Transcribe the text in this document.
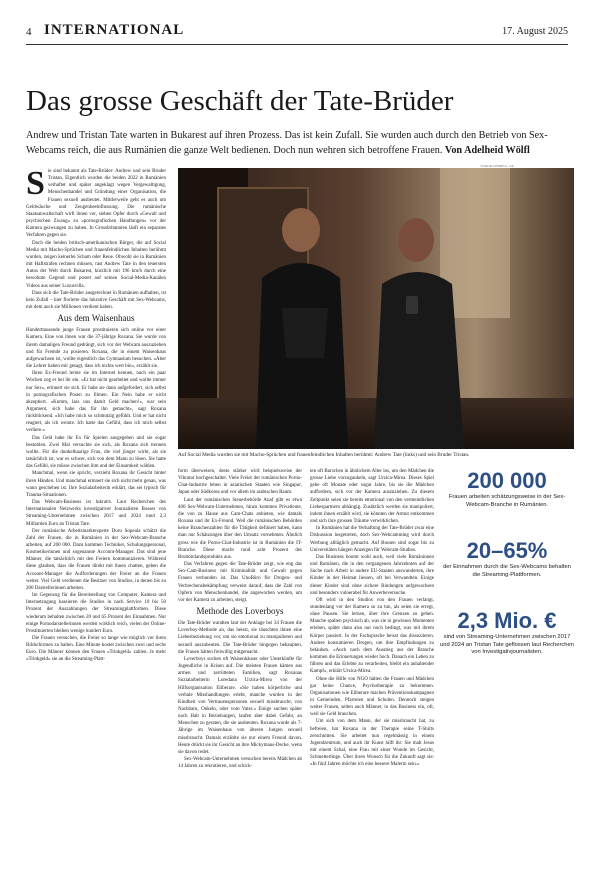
4 INTERNATIONAL	17. August 2025
Das grosse Geschäft der Tate-Brüder
Andrew und Tristan Tate warten in Bukarest auf ihren Prozess. Das ist kein Zufall. Sie wurden auch durch den Betrieb von Sex-Webcams reich, die aus Rumänien die ganze Welt bedienen. Doch nun wehren sich betroffene Frauen. Von Adelheid Wölfl
TODOR GEBREA / AP
S ie sind bekannt als Tate-Brüder: Andrew und sein Bruder Tristan. Eigentlich wurden die beiden 2022 in Rumänien verhaftet und später angeklagt wegen Vergewaltigung, Menschenhandel und Gründung einer Organisation, die Frauen sexuell ausbeutet. Mittlerweile geht es auch um Geldwäsche und Zeugenbeeinflussung. Die rumänische Staatsanwaltschaft wirft ihnen vor, sieben Opfer durch «Gewalt und psychischen Zwang» zu «pornografischen Handlungen» vor der Kamera gezwungen zu haben. In Grossbritannien läuft ein separates Verfahren gegen sie.

Doch die beiden britisch-amerikanischen Bürger, die auf Social Media mit Macho-Sprüchen und frauenfeindlichen Inhalten berühmt wurden, zeigen keinerlei Scham oder Reue. Obwohl sie in Rumänien mit Haftstrafen rechnen müssen, rast Andrew Tate in den teuersten Autos der Welt durch Bukarest, kürzlich mit 196 km/h durch eine bewohnte Gegend und postet auf seinen Social-Media-Kanälen Videos aus seiner Luxusvilla.

Dass sich die Tate-Brüder ausgerechnet in Rumänien aufhalten, ist kein Zufall – hier florierte das lukrative Geschäft mit Sex-Webcams, mit dem auch sie Millionen verdient haben.

Aus dem Waisenhaus

Hunderttausende junge Frauen prostituieren sich online vor einer Kamera. Eine von ihnen war die 37-jährige Roxana. Sie wurde von ihrem damaligen Freund gedrängt, sich vor der Webcam auszuziehen und für Fremde zu posieren. Roxana, die in einem Waisenhaus aufgewachsen ist, wollte eigentlich das Gymnasium besuchen. «Aber die Lehrer haben mir gesagt, dass ich nichts wert bin», erzählt sie.

Ihren Ex-Freund lernte sie im Internet kennen, nach ein paar Wochen zog er bei ihr ein. «Er hat nicht gearbeitet und wollte immer nur Sex», erinnert sie sich. Er habe sie dann aufgefordert, sich selbst in pornografischen Posen zu filmen. Ein Nein habe er nicht akzeptiert. «Komm, lass uns damit Geld machen!», war sein Argument, sich habe das für ihn gemacht», sagt Roxana rückblickend. «Ich habe mich so schmutzig gefühlt. Und er hat nicht reagiert, als ich weinte. Ich hatte das Gefühl, dass ich mich selbst verliere.»

Das Geld habe ihr Ex für Spielen ausgegeben und sie sogar bestohlen. Zwei Mal versuchte sie sich, als Roxana sich trennen wollte. Für die dunkelhaarige Frau, die viel jünger wirkt, als sie tatsächlich ist, war es schwer, sich von dem Mann zu lösen. Sie hatte das Gefühl, sie müsse zwischen ihm und der Einsamkeit wählen.

Manchmal, wenn sie spricht, verzieht Roxana ihr Gesicht hinter ihren Händen. Und manchmal erinnert sie sich nicht mehr genau, was wann geschehen ist. Ihre Sozialarbeiterin erklärt, das sei typisch für Trauma-Situationen.

Das Webcam-Business ist lukrativ. Laut Recherchen des Internationalen Netzwerks investigativer Journalisten Bosses von Streaming-Unternehmen zwischen 2017 und 2024 rund 2,3 Milliarden Euro an Tristan Tate.

Der rumänische Arbeitsmarktexperte Doru Sopeala schätzt die Zahl der Frauen, die in Rumänien in der Sex-Webcam-Branche arbeiten, auf 200 000. Dazu kommen Techniker, Schulungspersonal, Kosmetikerinnen und sogenannte Account-Manager. Das sind jene Männer, die tatsächlich mit den Freiern kommunizieren. Während diese glauben, dass die Frauen direkt mit ihnen chatten, geben die Account-Manager die Aufforderungen der Freier an die Frauen weiter. Viel Geld verdienen die Besitzer von Studios, in denen bis zu 200 Darstellerinnen arbeiten.

Im Gegenzug für die Bereitstellung von Computer, Kamera und Internetzugang kassieren die Studios in nach Service 10 bis 50 Prozent der Auszahlungen der Streamingplattformen. Diese wiederum behalten zwischen 20 und 65 Prozent der Einnahmen. Nur einige Pornodarstellerinnen werden wirklich reich, vielen der Online-Prostituierten bleiben wenige hundert Euro.

Die Frauen versuchen, die Freier so lange wie möglich vor ihren Bildschirmen zu halten. Eine Minute kostet zwischen zwei und sechs Euro. Die Männer können den Frauen «Trinkgeld» zahlen. Je mehr «Trinkgeld» sie an die Streaming-Platt-

Auf Social Media wurden sie mit Macho-Sprüchen und frauenfeindlichen Inhalten berühmt: Andrew Tate (links) und sein Bruder Tristan.

form überweisen, desto stärker wird beispielsweise der Vibrator hochgeschaltet. Viele Freier der rumänischen Porno-Chat-Industrie leben in asiatischen Staaten wie Singapur, Japan oder Südkorea und vor allem im arabischen Raum.

Laut der rumänischen Steuerbehörde Anaf gibt es etwa 400 Sex-Webcam-Unternehmen, hinzu kommen Privatleute, die von zu Hause aus Cam-Chats anbieten, wie damals Roxana und ihr Ex-Freund. Weil die rumänischen Behörden keine Branchenzahlen für die Tätigkeit definiert haben, kann man nur Schätzungen über den Umsatz vornehmen. Ähnlich gross wie die Porno-Chat-Industrie ist in Rumänien die IT-Branche. Diese macht rund acht Prozent des Bruttoinlandsprodukts aus.

Das Verfahren gegen die Tate-Brüder zeigt, wie eng das Sex-Cam-Business mit Kriminalität und Gewalt gegen Frauen verbunden ist. Das UnoBüro für Drogen- und Verbrechensbekämpfung verweist darauf, dass die Zahl von Opfern von Menschenhandel, die angeworben werden, um vor der Kamera zu arbeiten, steigt.

Methode des Loverboys

Die Tate-Brüder wandten laut der Anklage bei 34 Frauen die Loverboy-Methode an, das heisst, sie täuschten ihnen eine Liebesbeziehung vor, um sie emotional zu manipulieren und sexuell auszubeuten. Die Tate-Brüder hingegen behaupten, die Frauen hätten freiwillig mitgemacht.

Loverboys suchen oft Waisenhäuser oder Unterkünfte für Jugendliche in Krisen auf. Die meisten Frauen kämen aus armen und zerrütteten Familien, sagt Roxanas Sozialarbeiterin Loredana Urzica-Mirea von der Hilfsorganisation Eliberare. «Sie haben körperliche und verbale Misshandlungen erlebt, manche wurden in der Kindheit von Vertrauenspersonen sexuell missbraucht, von Nachbarn, Onkeln, oder vom Vater.» Einige suchen später nach Halt in Beziehungen, laufen aber dabei Gefahr, an Menschen zu geraten, die sie ausbeuten. Roxana wurde als 7-Jährige im Waisenhaus von älteren Jungen sexuell missbraucht. Damals erzählte sie nur einem Freund davon. Heute drückt sie ihr Gesicht an ihre Mickymaus-Decke, wenn sie davon redet.

Sex-Webcam-Unternehmen versuchen bereits Mädchen ab 14 Jahren zu rekrutieren, und schick-

ten oft Burschen in ähnlichem Alter los, um den Mädchen die grosse Liebe vorzugaukeln, sagt Urzica-Mirea. Dieses Spiel gehe oft Monate oder sogar Jahre, bis sie die Mädchen auffordern, sich vor der Kamera auszuziehen. Zu diesem Zeitpunkt seien sie bereits emotional von den vermeintlichen Liebespartnern abhängig. Zusätzlich werden sie manipuliert, indem ihnen erzählt wird, sie könnten der Armut entkommen und sich ihre grossen Träume verwirklichen.

In Rumänien hat die Verhaftung der Tate-Brüder zwar eine Diskussion losgetreten, doch Sex-Webcamming wird durch Werbung alltäglich gemacht. Auf Bussen sind sogar bis zu Universitäten hängen Anzeigen für Webcam-Studios.

Das Business boomt wohl auch, weil viele Rumäninnen und Rumänen, die in den vergangenen Jahrzehnten auf der Suche nach Arbeit in andere EU-Staaten auswanderten, ihre Kinder in der Heimat liessen, oft bei Verwandten. Einige dieser Kinder sind ohne sichere Bindungen aufgewachsen und besonders vulnerabel für Anwerbeversuche.

Oft wird in den Studios von den Frauen verlangt, stundenlang vor der Kamera so zu tun, als seien sie erregt, ohne Pausen. Sie lernen, über ihre Grenzen zu gehen. Manche spalten psychisch ab, was sie in gewissen Momenten erleben, später dann also nur noch bedingt, was mit ihrem Körper passiert. In der Fachsprache heisst das dissoziieren. Andere konsumieren Drogen, um ihre Empfindungen zu betäuben. «Auch nach dem Ausstieg aus der Branche kommen die Erinnerungen wieder hoch. Danach ein Leben zu führen und das Erlebte zu verarbeiten, bleibt ein anhaltender Kampf», erklärt Urzica-Mirea.

Ohne die Hilfe von NGO hätten die Frauen und Mädchen gar keine Chance, Psychotherapie zu bekommen. Organisationen wie Eliberare machen Präventionskampagnen in Gemeinden, Pfarreien und Schulen. Dennoch steigen weiter Frauen, selten auch Männer, in das Business ein, oft, weil sie Geld brauchen.

Um sich von dem Mann, der sie missbraucht hat, zu befreien, hat Roxana in der Therapie seine T-Shirts zerschnitten. Sie arbeitet nun regelmässig in einem Jugendzentrum, und auch ihr Kunst hilft ihr: Sie malt Jesus mit einem Schal, eine Frau mit einer Wunde im Gesicht, Schmetterlinge. Über ihren Wunsch für die Zukunft sagt sie: «In fünf Jahren möchte ich eine bessere Malerin sein.»

200 000
Frauen arbeiten schätzungsweise in der Sex-Webcam-Branche in Rumänien.
20–65%
der Einnahmen durch die Sex-Webcams behalten die Streaming-Plattformen.
2,3 Mio. €
sind von Streaming-Unternehmen zwischen 2017 und 2024 an Tristan Tate geflossen laut Recherchen von Investigativjournalisten.
